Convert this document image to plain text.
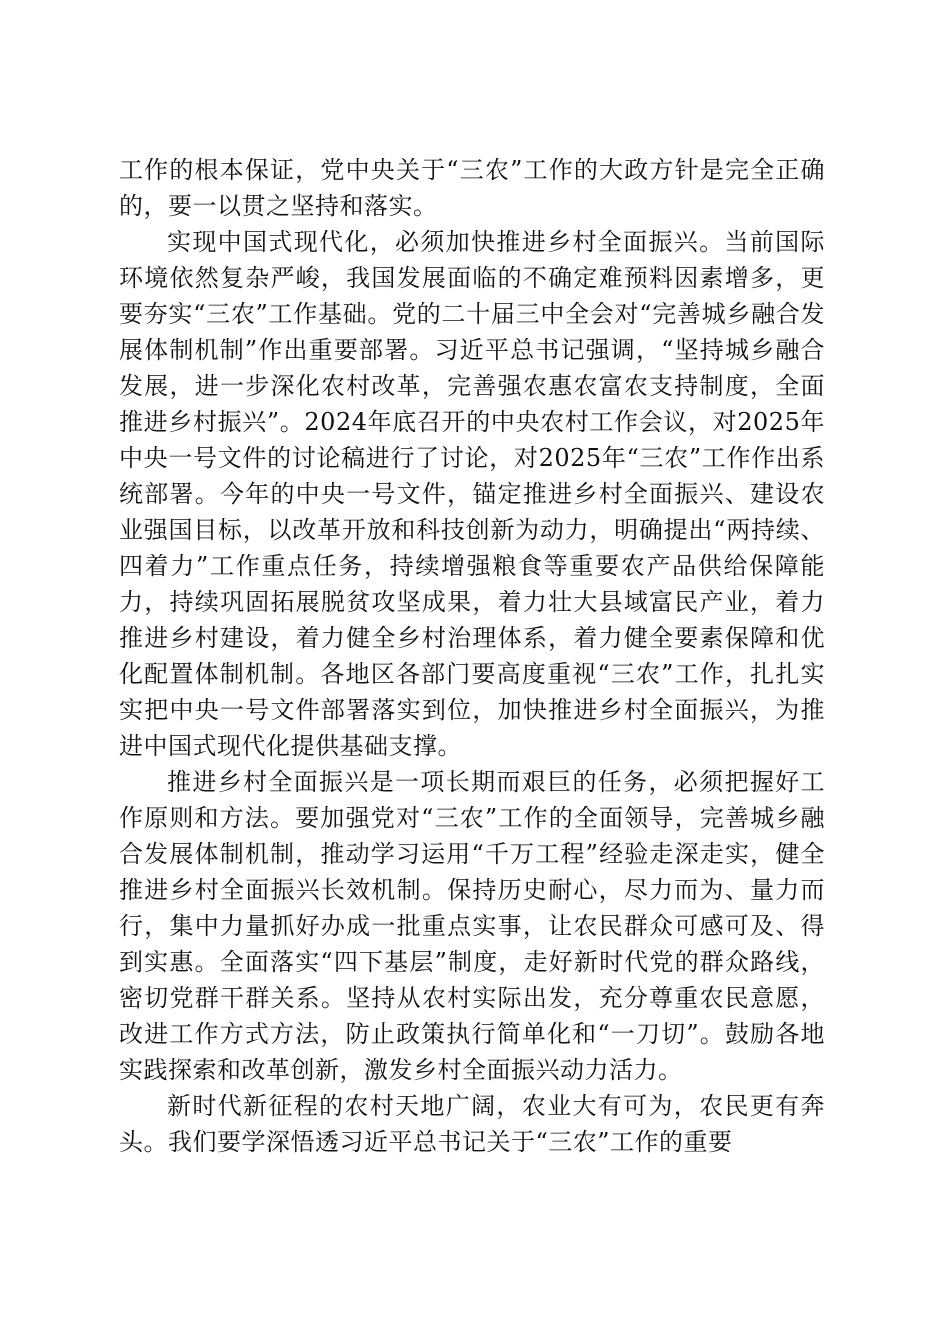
工作的根本保证，党中央关于“三农”工作的大政方针是完全正确的，要一以贯之坚持和落实。

实现中国式现代化，必须加快推进乡村全面振兴。当前国际环境依然复杂严峻，我国发展面临的不确定难预料因素增多，更要夯实“三农”工作基础。党的二十届三中全会对“完善城乡融合发展体制机制”作出重要部署。习近平总书记强调，“坚持城乡融合发展，进一步深化农村改革，完善强农惠农富农支持制度，全面推进乡村振兴”。2024年底召开的中央农村工作会议，对2025年中央一号文件的讨论稿进行了讨论，对2025年“三农”工作作出系统部署。今年的中央一号文件，锚定推进乡村全面振兴、建设农业强国目标，以改革开放和科技创新为动力，明确提出“两持续、四着力”工作重点任务，持续增强粮食等重要农产品供给保障能力，持续巩固拓展脱贫攻坚成果，着力壮大县域富民产业，着力推进乡村建设，着力健全乡村治理体系，着力健全要素保障和优化配置体制机制。各地区各部门要高度重视“三农”工作，扎扎实实把中央一号文件部署落实到位，加快推进乡村全面振兴，为推进中国式现代化提供基础支撑。

推进乡村全面振兴是一项长期而艰巨的任务，必须把握好工作原则和方法。要加强党对“三农”工作的全面领导，完善城乡融合发展体制机制，推动学习运用“千万工程”经验走深走实，健全推进乡村全面振兴长效机制。保持历史耐心，尽力而为、量力而行，集中力量抓好办成一批重点实事，让农民群众可感可及、得到实惠。全面落实“四下基层”制度，走好新时代党的群众路线，密切党群干群关系。坚持从农村实际出发，充分尊重农民意愿，改进工作方式方法，防止政策执行简单化和“一刀切”。鼓励各地实践探索和改革创新，激发乡村全面振兴动力活力。

新时代新征程的农村天地广阔，农业大有可为，农民更有奔头。我们要学深悟透习近平总书记关于“三农”工作的重要
